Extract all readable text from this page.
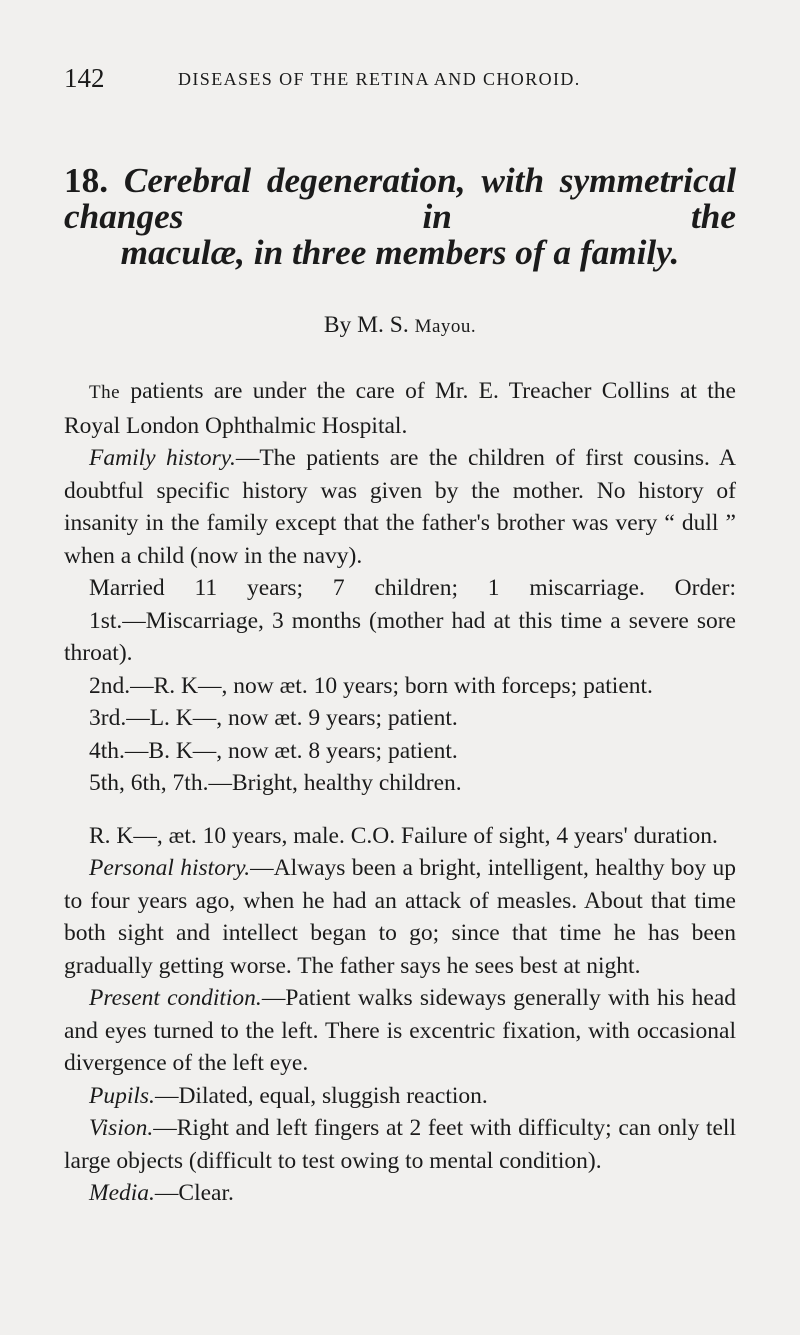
142	DISEASES OF THE RETINA AND CHOROID.
18. Cerebral degeneration, with symmetrical changes in the
maculæ, in three members of a family.

By M. S. Mayou.

The patients are under the care of Mr. E. Treacher Collins at the Royal London Ophthalmic Hospital.

Family history.—The patients are the children of first cousins. A doubtful specific history was given by the mother. No history of insanity in the family except that the father's brother was very “ dull ” when a child (now in the navy).

Married 11 years; 7 children; 1 miscarriage. Order:

1st.—Miscarriage, 3 months (mother had at this time a severe sore throat).

2nd.—R. K—, now æt. 10 years; born with forceps; patient.

3rd.—L. K—, now æt. 9 years; patient.

4th.—B. K—, now æt. 8 years; patient.

5th, 6th, 7th.—Bright, healthy children.

R. K—, æt. 10 years, male. C.O. Failure of sight, 4 years' duration.

Personal history.—Always been a bright, intelligent, healthy boy up to four years ago, when he had an attack of measles. About that time both sight and intellect began to go; since that time he has been gradually getting worse. The father says he sees best at night.

Present condition.—Patient walks sideways generally with his head and eyes turned to the left. There is excentric fixation, with occasional divergence of the left eye.

Pupils.—Dilated, equal, sluggish reaction.

Vision.—Right and left fingers at 2 feet with difficulty; can only tell large objects (difficult to test owing to mental condition).

Media.—Clear.
